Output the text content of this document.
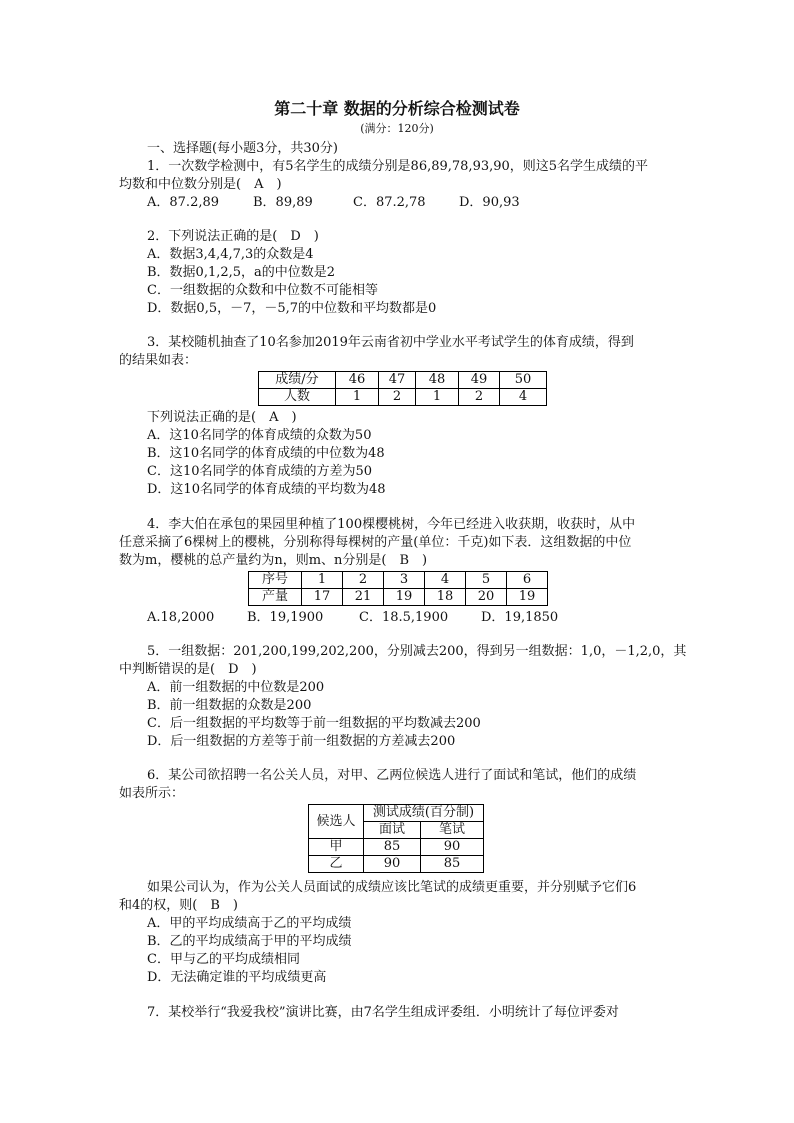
第二十章 数据的分析综合检测试卷
(满分：120分)
一、选择题(每小题3分，共30分)
1．一次数学检测中，有5名学生的成绩分别是86,89,78,93,90，则这5名学生成绩的平
均数和中位数分别是(　A　)
A．87.2,89	B．89,89	C．87.2,78	D．90,93
2．下列说法正确的是(　D　)
A．数据3,4,4,7,3的众数是4
B．数据0,1,2,5，a的中位数是2
C．一组数据的众数和中位数不可能相等
D．数据0,5，－7，－5,7的中位数和平均数都是0
3．某校随机抽查了10名参加2019年云南省初中学业水平考试学生的体育成绩，得到
的结果如表：
成绩/分	46	47	48	49	50
人数	1	2	1	2	4
下列说法正确的是(　A　)
A．这10名同学的体育成绩的众数为50
B．这10名同学的体育成绩的中位数为48
C．这10名同学的体育成绩的方差为50
D．这10名同学的体育成绩的平均数为48
4．李大伯在承包的果园里种植了100棵樱桃树，今年已经进入收获期，收获时，从中
任意采摘了6棵树上的樱桃，分别称得每棵树的产量(单位：千克)如下表．这组数据的中位
数为m，樱桃的总产量约为n，则m、n分别是(　B　)
序号	1	2	3	4	5	6
产量	17	21	19	18	20	19
A.18,2000	B．19,1900	C．18.5,1900	D．19,1850
5．一组数据：201,200,199,202,200，分别减去200，得到另一组数据：1,0，－1,2,0，其
中判断错误的是(　D　)
A．前一组数据的中位数是200
B．前一组数据的众数是200
C．后一组数据的平均数等于前一组数据的平均数减去200
D．后一组数据的方差等于前一组数据的方差减去200
6．某公司欲招聘一名公关人员，对甲、乙两位候选人进行了面试和笔试，他们的成绩
如表所示：
候选人	测试成绩(百分制)	
	面试	笔试
甲	85	90
乙	90	85
如果公司认为，作为公关人员面试的成绩应该比笔试的成绩更重要，并分别赋予它们6
和4的权，则(　B　)
A．甲的平均成绩高于乙的平均成绩
B．乙的平均成绩高于甲的平均成绩
C．甲与乙的平均成绩相同
D．无法确定谁的平均成绩更高
7．某校举行“我爱我校”演讲比赛，由7名学生组成评委组．小明统计了每位评委对
